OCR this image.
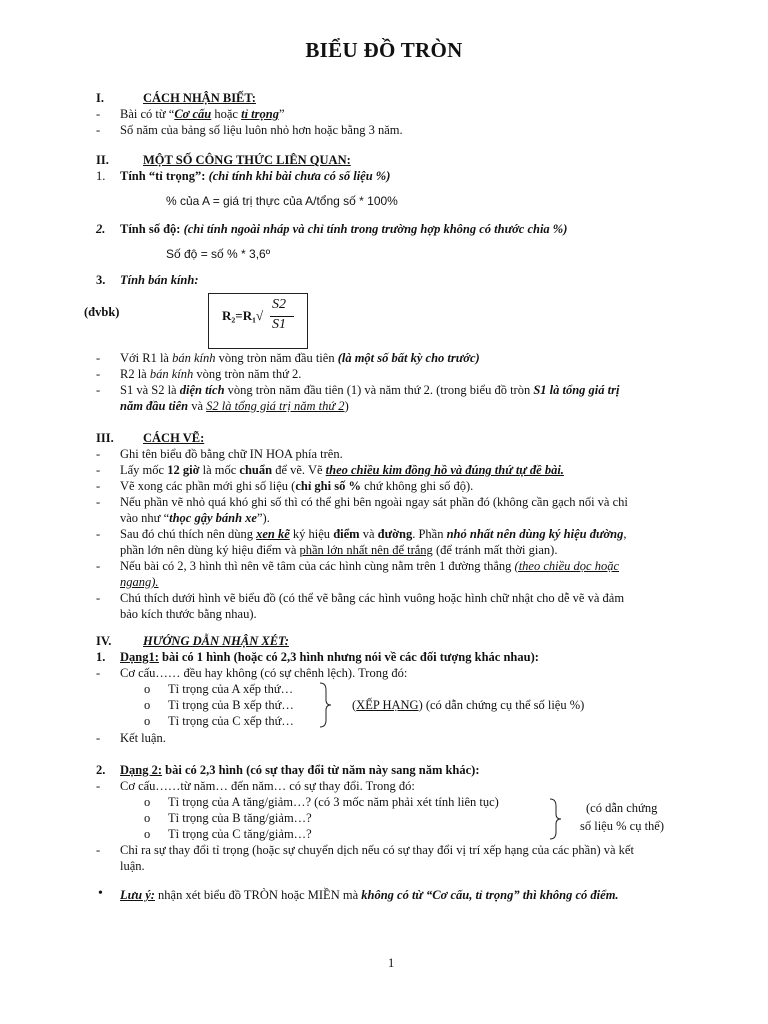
BIỂU ĐỒ TRÒN
I.	CÁCH NHẬN BIẾT:
- Bài có từ “Cơ cấu hoặc tỉ trọng”
- Số năm của bảng số liệu luôn nhỏ hơn hoặc bằng 3 năm.
II.	MỘT SỐ CÔNG THỨC LIÊN QUAN:
1. Tính “tỉ trọng”: (chỉ tính khi bài chưa có số liệu %)
% của A = giá trị thực của A/tổng số * 100%
2. Tính số độ: (chỉ tính ngoài nháp và chỉ tính trong trường hợp không có thước chia %)
Số độ = số % * 3,6º
3. Tính bán kính:
(đvbk)	R₂=R₁√
S2
S1
- Với R1 là bán kính vòng tròn năm đầu tiên (là một số bất kỳ cho trước)
- R2 là bán kính vòng tròn năm thứ 2.
- S1 và S2 là diện tích vòng tròn năm đầu tiên (1) và năm thứ 2. (trong biểu đồ tròn S1 là tổng giá trị
năm đầu tiên và S2 là tổng giá trị năm thứ 2)
III. CÁCH VẼ:
- Ghi tên biểu đồ bằng chữ IN HOA phía trên.
- Lấy mốc 12 giờ là mốc chuẩn để vẽ. Vẽ theo chiều kim đồng hồ và đúng thứ tự đề bài.
- Vẽ xong các phần mới ghi số liệu (chỉ ghi số % chứ không ghi số độ).
- Nếu phần vẽ nhỏ quá khó ghi số thì có thể ghi bên ngoài ngay sát phần đó (không cần gạch nối và chỉ
vào như “thọc gậy bánh xe”).
- Sau đó chú thích nên dùng xen kẽ ký hiệu điểm và đường. Phần nhỏ nhất nên dùng ký hiệu đường,
phần lớn nên dùng ký hiệu điểm và phần lớn nhất nên để trắng (để tránh mất thời gian).
- Nếu bài có 2, 3 hình thì nên vẽ tâm của các hình cùng nằm trên 1 đường thẳng (theo chiều dọc hoặc
ngang).
- Chú thích dưới hình vẽ biểu đồ (có thể vẽ bằng các hình vuông hoặc hình chữ nhật cho dễ vẽ và đảm
bảo kích thước bằng nhau).
IV.	HƯỚNG DẪN NHẬN XÉT:
1. Dạng1: bài có 1 hình (hoặc có 2,3 hình nhưng nói về các đối tượng khác nhau):
- Cơ cấu…… đều hay không (có sự chênh lệch). Trong đó:
o Tỉ trọng của A xếp thứ…
o Tỉ trọng của B xếp thứ…
o Tỉ trọng của C xếp thứ…
(XẾP HẠNG) (có dẫn chứng cụ thể số liệu %)
- Kết luận.
2. Dạng 2: bài có 2,3 hình (có sự thay đổi từ năm này sang năm khác):
- Cơ cấu……từ năm… đến năm… có sự thay đổi. Trong đó:
o Tỉ trọng của A tăng/giảm…? (có 3 mốc năm phải xét tính liên tục)
o Tỉ trọng của B tăng/giảm…?
o Tỉ trọng của C tăng/giảm…?
(có dẫn chứng
số liệu % cụ thể)
- Chỉ ra sự thay đổi tỉ trọng (hoặc sự chuyển dịch nếu có sự thay đổi vị trí xếp hạng của các phần) và kết
luận.
• Lưu ý: nhận xét biểu đồ TRÒN hoặc MIỀN mà không có từ “Cơ cấu, tỉ trọng” thì không có điểm.
1
